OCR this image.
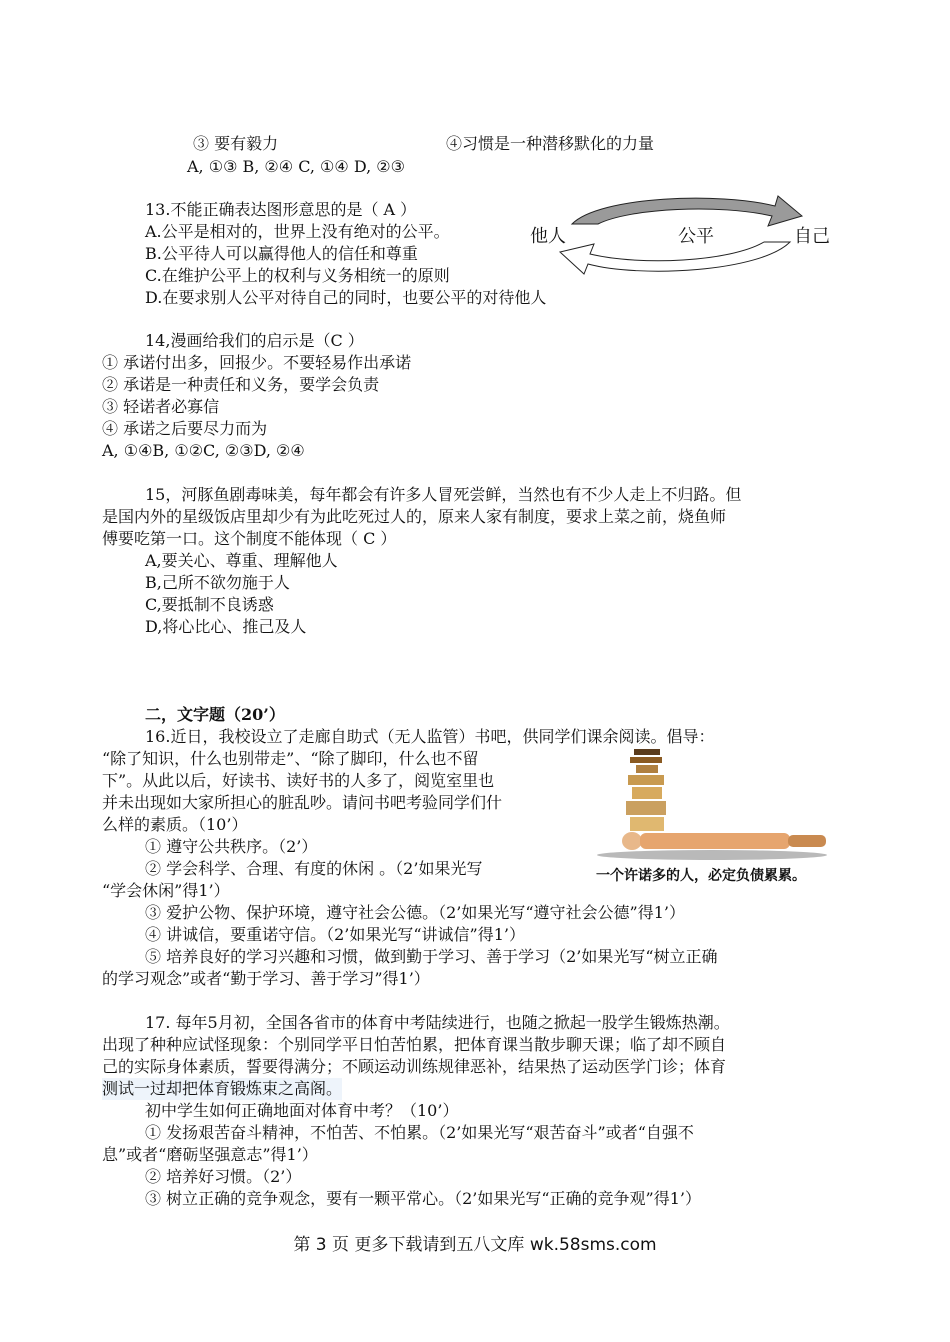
③ 要有毅力	④习惯是一种潜移默化的力量
A, ①③ B, ②④ C, ①④ D, ②③
13.不能正确表达图形意思的是（ A ）
A.公平是相对的，世界上没有绝对的公平。
B.公平待人可以赢得他人的信任和尊重
C.在维护公平上的权利与义务相统一的原则
D.在要求别人公平对待自己的同时，也要公平的对待他人
他人	公平	自己
14,漫画给我们的启示是（C ）
① 承诺付出多，回报少。不要轻易作出承诺
② 承诺是一种责任和义务，要学会负责
③ 轻诺者必寡信
④ 承诺之后要尽力而为
A, ①④B, ①②C, ②③D, ②④
15，河豚鱼剧毒味美，每年都会有许多人冒死尝鲜，当然也有不少人走上不归路。但
是国内外的星级饭店里却少有为此吃死过人的，原来人家有制度，要求上菜之前，烧鱼师
傅要吃第一口。这个制度不能体现（ C ）
A,要关心、尊重、理解他人
B,己所不欲勿施于人
C,要抵制不良诱惑
D,将心比心、推己及人
二，文字题（20’）
16.近日，我校设立了走廊自助式（无人监管）书吧，供同学们课余阅读。倡导：
“除了知识，什么也别带走”、“除了脚印，什么也不留
下”。从此以后，好读书、读好书的人多了，阅览室里也
并未出现如大家所担心的脏乱吵。请问书吧考验同学们什
么样的素质。（10’）
① 遵守公共秩序。（2’）
② 学会科学、合理、有度的休闲 。（2’如果光写
“学会休闲”得1’）
③ 爱护公物、保护环境，遵守社会公德。（2’如果光写“遵守社会公德”得1’）
④ 讲诚信，要重诺守信。（2’如果光写“讲诚信”得1’）
⑤ 培养良好的学习兴趣和习惯，做到勤于学习、善于学习（2’如果光写“树立正确
的学习观念”或者“勤于学习、善于学习”得1’）
一个许诺多的人，必定负债累累。
17. 每年5月初，全国各省市的体育中考陆续进行，也随之掀起一股学生锻炼热潮。
出现了种种应试怪现象：个别同学平日怕苦怕累，把体育课当散步聊天课；临了却不顾自
己的实际身体素质，誓要得满分；不顾运动训练规律恶补，结果热了运动医学门诊；体育
测试一过却把体育锻炼束之高阁。
初中学生如何正确地面对体育中考？（10’）
① 发扬艰苦奋斗精神，不怕苦、不怕累。（2’如果光写“艰苦奋斗”或者“自强不
息”或者“磨砺坚强意志”得1’）
② 培养好习惯。（2’）
③ 树立正确的竞争观念，要有一颗平常心。（2’如果光写“正确的竞争观”得1’）
第 3 页 更多下载请到五八文库 wk.58sms.com
